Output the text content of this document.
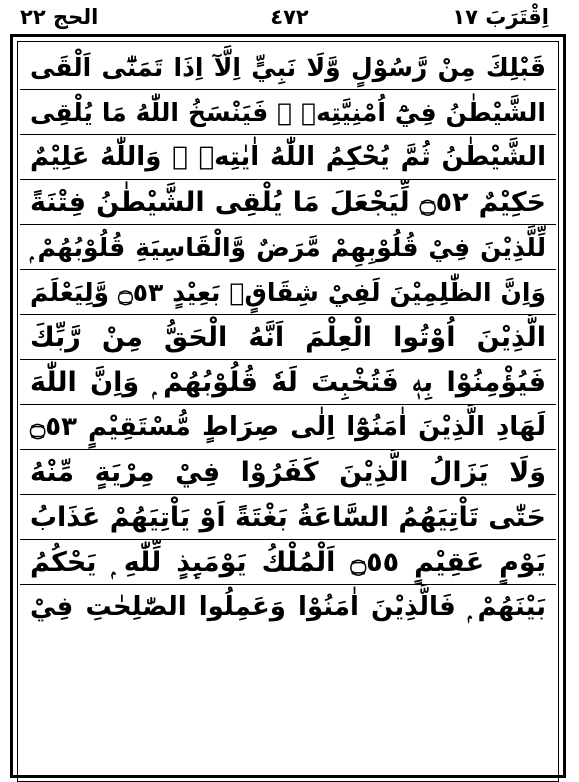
اِقْتَرَبَ ١٧
٤٧٢
الحج ٢٢
قَبْلِكَ مِنْ رَّسُوْلٍ وَّلَا نَبِيٍّ اِلَّآ اِذَا تَمَنّٰٓى اَلْقَى
الشَّيْطٰنُ فِيْٓ اُمْنِيَّتِهٖ ۚ فَيَنْسَخُ اللّٰهُ مَا يُلْقِى
الشَّيْطٰنُ ثُمَّ يُحْكِمُ اللّٰهُ اٰيٰتِهٖ ۭ وَاللّٰهُ عَلِيْمٌ
حَكِيْمٌ ۝٥٢ لِّيَجْعَلَ مَا يُلْقِى الشَّيْطٰنُ فِتْنَةً
لِّلَّذِيْنَ فِيْ قُلُوْبِهِمْ مَّرَضٌ وَّالْقَاسِيَةِ قُلُوْبُهُمْ ۭ
وَاِنَّ الظّٰلِمِيْنَ لَفِيْ شِقَاقٍۢ بَعِيْدٍ ۝٥٣ وَّلِيَعْلَمَ
الَّذِيْنَ اُوْتُوا الْعِلْمَ اَنَّهُ الْحَقُّ مِنْ رَّبِّكَ
فَيُؤْمِنُوْا بِهٖ فَتُخْبِتَ لَهٗ قُلُوْبُهُمْ ۭ وَاِنَّ اللّٰهَ
لَهَادِ الَّذِيْنَ اٰمَنُوْٓا اِلٰى صِرَاطٍ مُّسْتَقِيْمٍ ۝٥٣
وَلَا يَزَالُ الَّذِيْنَ كَفَرُوْا فِيْ مِرْيَةٍ مِّنْهُ
حَتّٰى تَاْتِيَهُمُ السَّاعَةُ بَغْتَةً اَوْ يَاْتِيَهُمْ عَذَابُ
يَوْمٍ عَقِيْمٍ ۝٥٥ اَلْمُلْكُ يَوْمَىِٕذٍ لِّلّٰهِ ۭ يَحْكُمُ
بَيْنَهُمْ ۭ فَالَّذِيْنَ اٰمَنُوْا وَعَمِلُوا الصّٰلِحٰتِ فِيْ
